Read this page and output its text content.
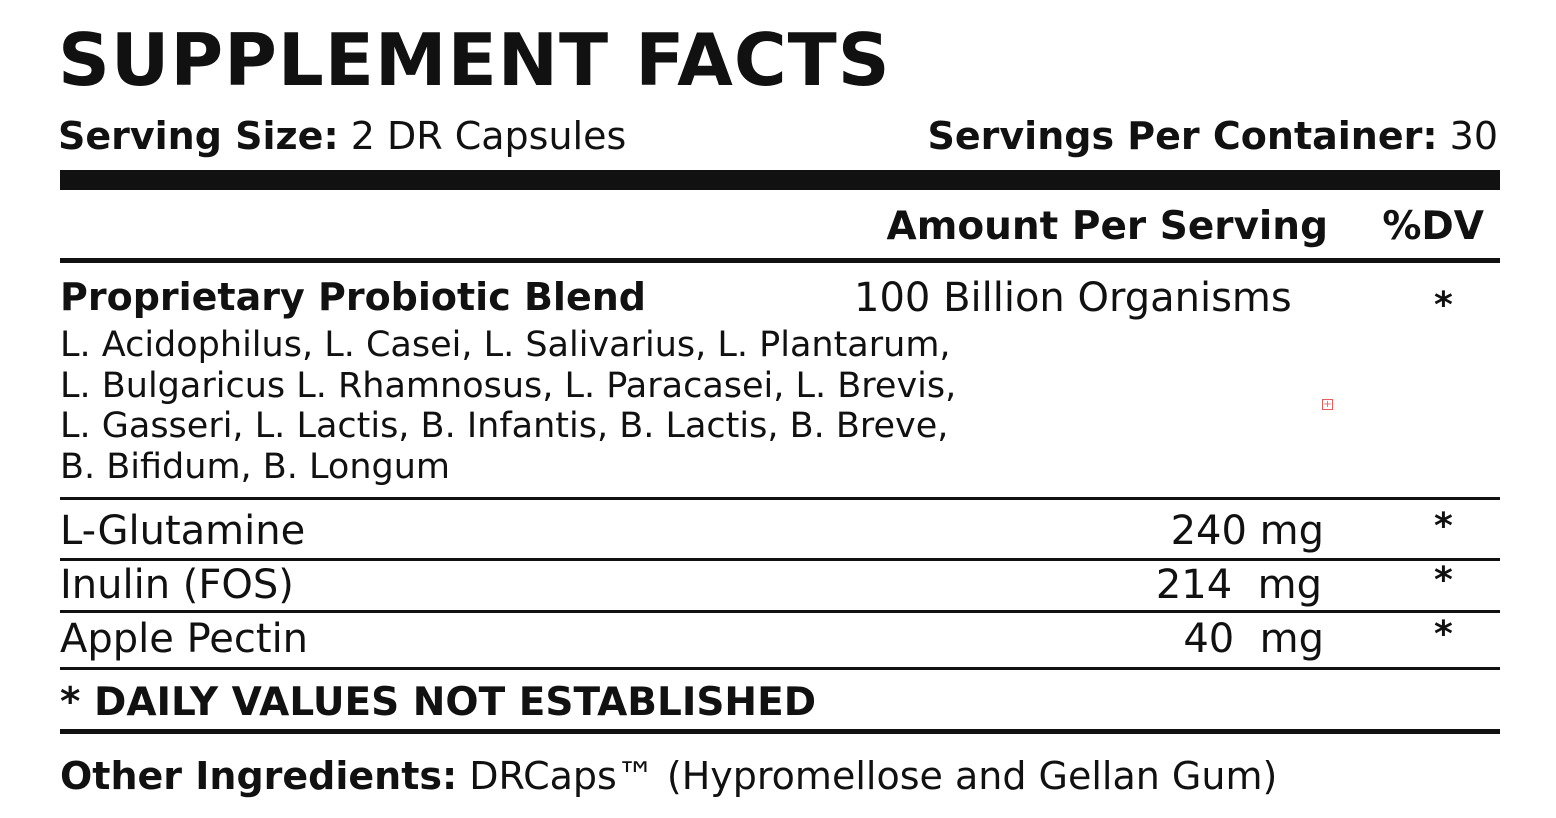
SUPPLEMENT FACTS
Serving Size: 2 DR Capsules	Servings Per Container: 30
Amount Per Serving %DV
Proprietary Probiotic Blend	100 Billion Organisms	*
L. Acidophilus, L. Casei, L. Salivarius, L. Plantarum,
L. Bulgaricus L. Rhamnosus, L. Paracasei, L. Brevis,
L. Gasseri, L. Lactis, B. Infantis, B. Lactis, B. Breve,
B. Bifidum, B. Longum
+
L-Glutamine	240 mg	*
Inulin (FOS)	214  mg	*
Apple Pectin	40  mg	*
* DAILY VALUES NOT ESTABLISHED
Other Ingredients: DRCaps™ (Hypromellose and Gellan Gum)
